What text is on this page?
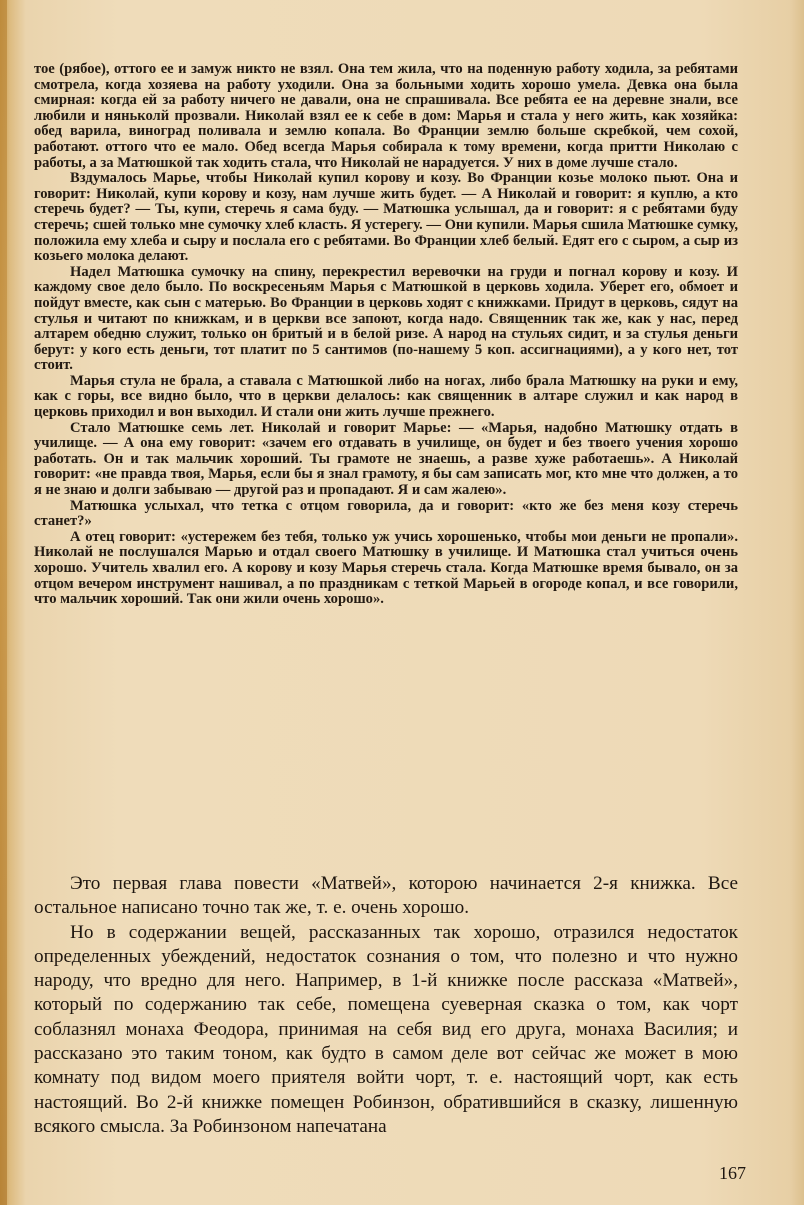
тое (рябое), оттого ее и замуж никто не взял. Она тем жила, что на поденную работу ходила, за ребятами смотрела, когда хозяева на работу уходили. Она за больными ходить хорошо умела. Девка она была смирная: когда ей за работу ничего не давали, она не спрашивала. Все ребята ее на деревне знали, все любили и няньколй прозвали. Николай взял ее к себе в дом: Марья и стала у него жить, как хозяйка: обед варила, виноград поливала и землю копала. Во Франции землю больше скребкой, чем сохой, работают. оттого что ее мало. Обед всегда Марья собирала к тому времени, когда притти Николаю с работы, а за Матюшкой так ходить стала, что Николай не нарадуется. У них в доме лучше стало.

Вздумалось Марье, чтобы Николай купил корову и козу. Во Франции козье молоко пьют. Она и говорит: Николай, купи корову и козу, нам лучше жить будет. — А Николай и говорит: я куплю, а кто стеречь будет? — Ты, купи, стеречь я сама буду. — Матюшка услышал, да и говорит: я с ребятами буду стеречь; сшей только мне сумочку хлеб класть. Я устерегу. — Они купили. Марья сшила Матюшке сумку, положила ему хлеба и сыру и послала его с ребятами. Во Франции хлеб белый. Едят его с сыром, а сыр из козьего молока делают.

Надел Матюшка сумочку на спину, перекрестил веревочки на груди и погнал корову и козу. И каждому свое дело было. По воскресеньям Марья с Матюшкой в церковь ходила. Уберет его, обмоет и пойдут вместе, как сын с матерью. Во Франции в церковь ходят с книжками. Придут в церковь, сядут на стулья и читают по книжкам, и в церкви все запоют, когда надо. Священник так же, как у нас, перед алтарем обедню служит, только он бритый и в белой ризе. А народ на стульях сидит, и за стулья деньги берут: у кого есть деньги, тот платит по 5 сантимов (по-нашему 5 коп. ассигнациями), а у кого нет, тот стоит.

Марья стула не брала, а ставала с Матюшкой либо на ногах, либо брала Матюшку на руки и ему, как с горы, все видно было, что в церкви делалось: как священник в алтаре служил и как народ в церковь приходил и вон выходил. И стали они жить лучше прежнего.

Стало Матюшке семь лет. Николай и говорит Марье: — «Марья, надобно Матюшку отдать в училище. — А она ему говорит: «зачем его отдавать в училище, он будет и без твоего учения хорошо работать. Он и так мальчик хороший. Ты грамоте не знаешь, а разве хуже работаешь». А Николай говорит: «не правда твоя, Марья, если бы я знал грамоту, я бы сам записать мог, кто мне что должен, а то я не знаю и долги забываю — другой раз и пропадают. Я и сам жалею».

Матюшка услыхал, что тетка с отцом говорила, да и говорит: «кто же без меня козу стеречь станет?»

А отец говорит: «устережем без тебя, только уж учись хорошенько, чтобы мои деньги не пропали». Николай не послушался Марью и отдал своего Матюшку в училище. И Матюшка стал учиться очень хорошо. Учитель хвалил его. А корову и козу Марья стеречь стала. Когда Матюшке время бывало, он за отцом вечером инструмент нашивал, а по праздникам с теткой Марьей в огороде копал, и все говорили, что мальчик хороший. Так они жили очень хорошо».

Это первая глава повести «Матвей», которою начинается 2-я книжка. Все остальное написано точно так же, т. е. очень хорошо.

Но в содержании вещей, рассказанных так хорошо, отразился недостаток определенных убеждений, недостаток сознания о том, что полезно и что нужно народу, что вредно для него. Например, в 1-й книжке после рассказа «Матвей», который по содержанию так себе, помещена суеверная сказка о том, как чорт соблазнял монаха Феодора, принимая на себя вид его друга, монаха Василия; и рассказано это таким тоном, как будто в самом деле вот сейчас же может в мою комнату под видом моего приятеля войти чорт, т. е. настоящий чорт, как есть настоящий. Во 2-й книжке помещен Робинзон, обратившийся в сказку, лишенную всякого смысла. За Робинзоном напечатана

167
